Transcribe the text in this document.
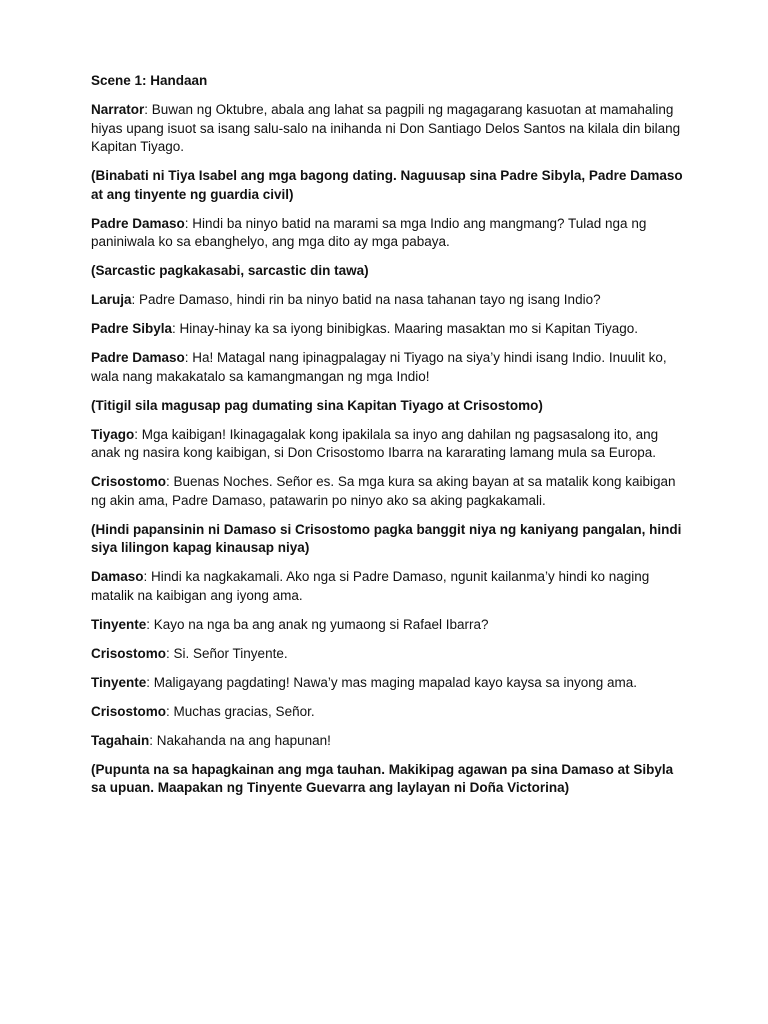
Scene 1: Handaan
Narrator: Buwan ng Oktubre, abala ang lahat sa pagpili ng magagarang kasuotan at mamahaling hiyas upang isuot sa isang salu-salo na inihanda ni Don Santiago Delos Santos na kilala din bilang Kapitan Tiyago.
(Binabati ni Tiya Isabel ang mga bagong dating. Naguusap sina Padre Sibyla, Padre Damaso at ang tinyente ng guardia civil)
Padre Damaso: Hindi ba ninyo batid na marami sa mga Indio ang mangmang? Tulad nga ng paniniwala ko sa ebanghelyo, ang mga dito ay mga pabaya.
(Sarcastic pagkakasabi, sarcastic din tawa)
Laruja: Padre Damaso, hindi rin ba ninyo batid na nasa tahanan tayo ng isang Indio?
Padre Sibyla: Hinay-hinay ka sa iyong binibigkas. Maaring masaktan mo si Kapitan Tiyago.
Padre Damaso: Ha! Matagal nang ipinagpalagay ni Tiyago na siya’y hindi isang Indio. Inuulit ko, wala nang makakatalo sa kamangmangan ng mga Indio!
(Titigil sila magusap pag dumating sina Kapitan Tiyago at Crisostomo)
Tiyago: Mga kaibigan! Ikinagagalak kong ipakilala sa inyo ang dahilan ng pagsasalong ito, ang anak ng nasira kong kaibigan, si Don Crisostomo Ibarra na kararating lamang mula sa Europa.
Crisostomo: Buenas Noches. Señor es. Sa mga kura sa aking bayan at sa matalik kong kaibigan ng akin ama, Padre Damaso, patawarin po ninyo ako sa aking pagkakamali.
(Hindi papansinin ni Damaso si Crisostomo pagka banggit niya ng kaniyang pangalan, hindi siya lilingon kapag kinausap niya)
Damaso: Hindi ka nagkakamali. Ako nga si Padre Damaso, ngunit kailanma’y hindi ko naging matalik na kaibigan ang iyong ama.
Tinyente: Kayo na nga ba ang anak ng yumaong si Rafael Ibarra?
Crisostomo: Si. Señor Tinyente.
Tinyente: Maligayang pagdating! Nawa’y mas maging mapalad kayo kaysa sa inyong ama.
Crisostomo: Muchas gracias, Señor.
Tagahain: Nakahanda na ang hapunan!
(Pupunta na sa hapagkainan ang mga tauhan. Makikipag agawan pa sina Damaso at Sibyla sa upuan. Maapakan ng Tinyente Guevarra ang laylayan ni Doña Victorina)
